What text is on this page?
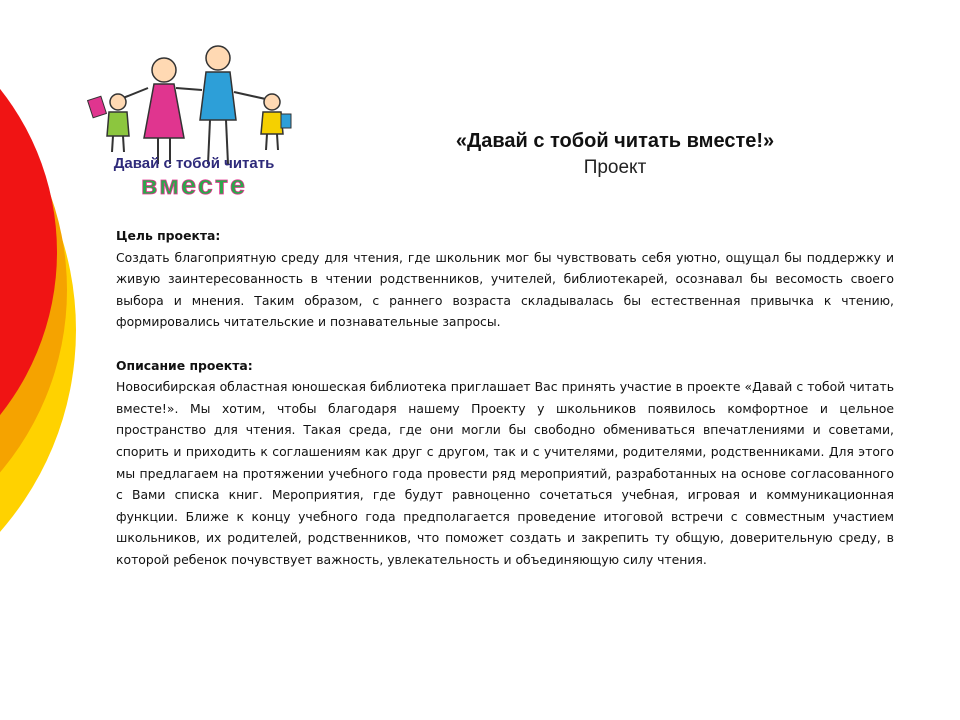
Давай с тобой читать
вместе
«Давай с тобой читать вместе!»
Проект
Цель проекта:

Создать благоприятную среду для чтения, где школьник мог бы чувствовать себя уютно, ощущал бы поддержку и живую заинтересованность в чтении родственников, учителей, библиотекарей, осознавал бы весомость своего выбора и мнения. Таким образом, с раннего возраста складывалась бы естественная привычка к чтению, формировались читательские и познавательные запросы.

Описание проекта:

Новосибирская областная юношеская библиотека приглашает Вас принять участие в проекте «Давай с тобой читать вместе!». Мы хотим, чтобы благодаря нашему Проекту у школьников появилось комфортное и цельное пространство для чтения. Такая среда, где они могли бы свободно обмениваться впечатлениями и советами, спорить и приходить к соглашениям как друг с другом, так и с учителями, родителями, родственниками. Для этого мы предлагаем на протяжении учебного года провести ряд мероприятий, разработанных на основе согласованного с Вами списка книг. Мероприятия, где будут равноценно сочетаться учебная, игровая и коммуникационная функции. Ближе к концу учебного года предполагается проведение итоговой встречи с совместным участием школьников, их родителей, родственников, что поможет создать и закрепить ту общую, доверительную среду, в которой ребенок почувствует важность, увлекательность и объединяющую силу чтения.
